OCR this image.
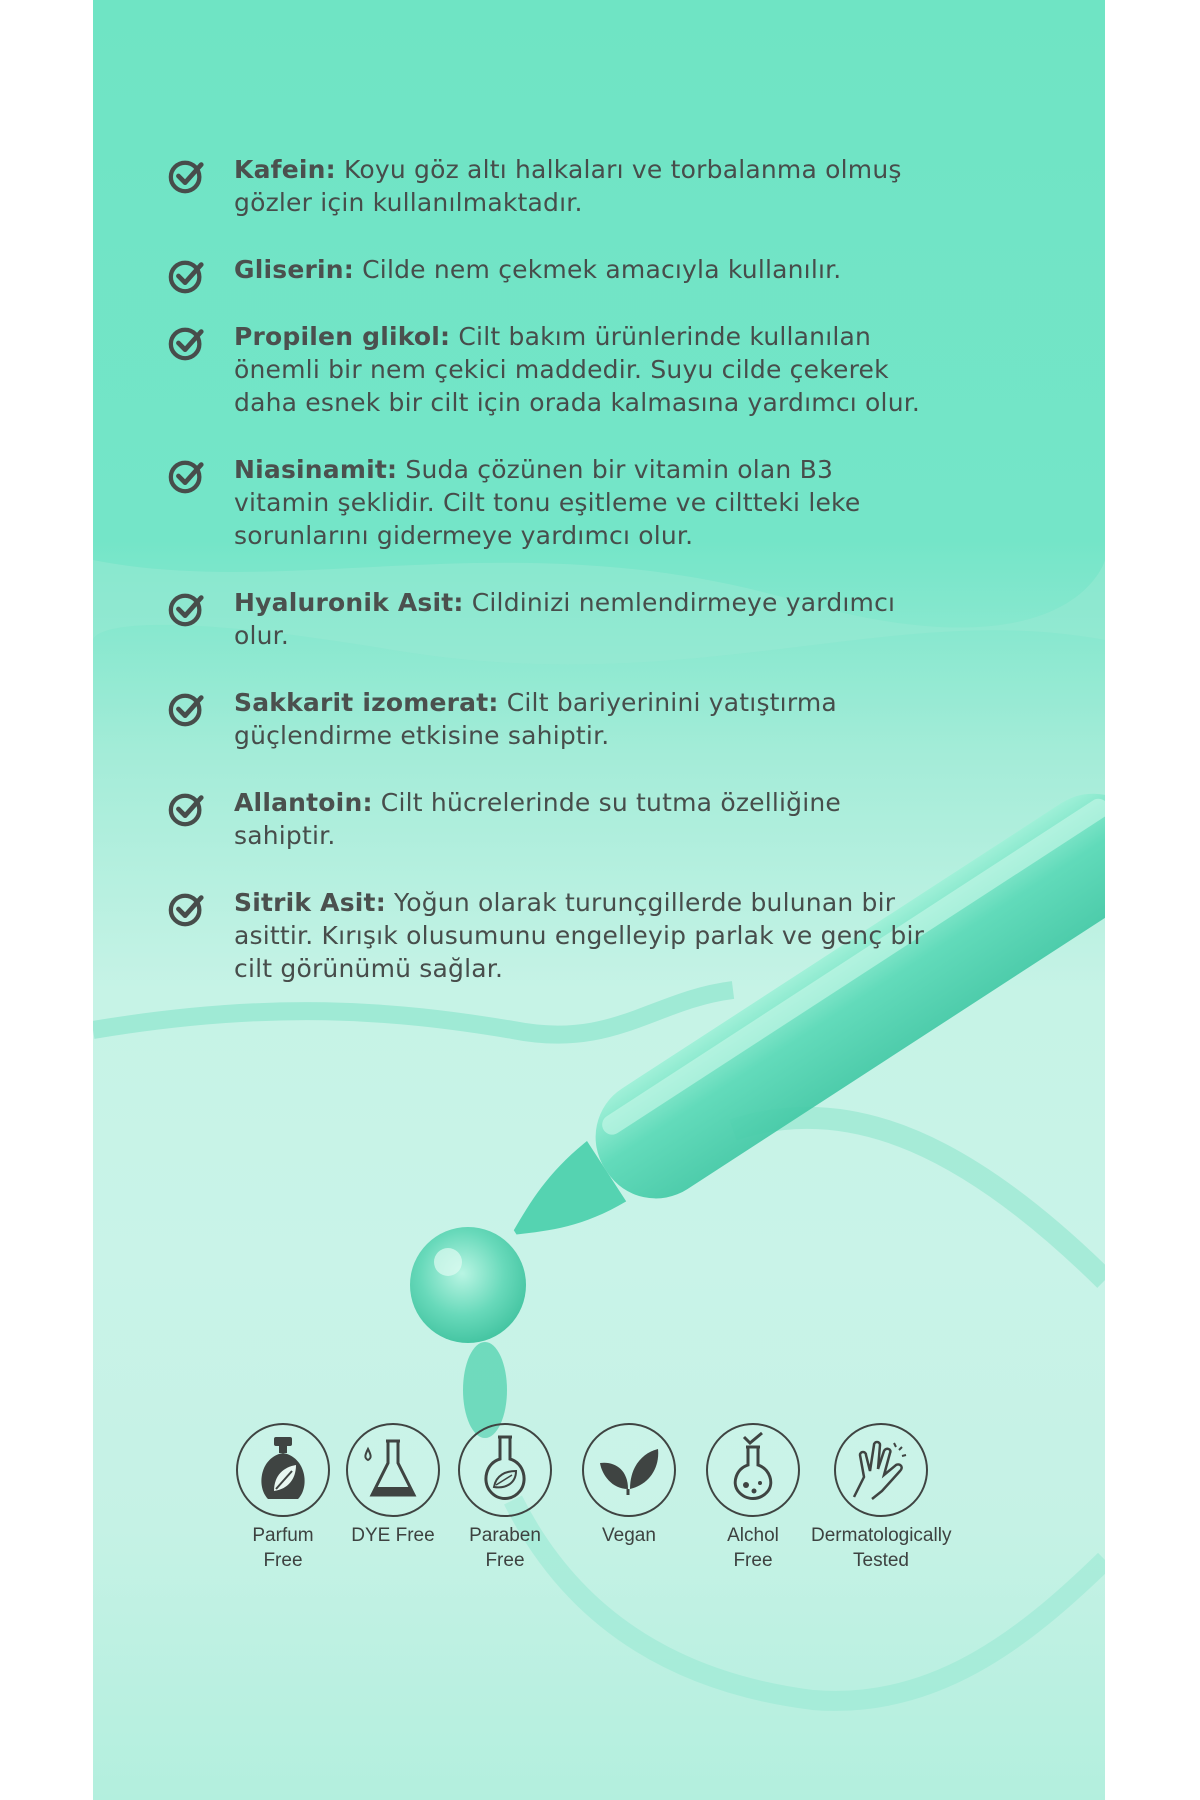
Kafein: Koyu göz altı halkaları ve torbalanma olmuş gözler için kullanılmaktadır.
Gliserin: Cilde nem çekmek amacıyla kullanılır.
Propilen glikol: Cilt bakım ürünlerinde kullanılan önemli bir nem çekici maddedir. Suyu cilde çekerek daha esnek bir cilt için orada kalmasına yardımcı olur.
Niasinamit: Suda çözünen bir vitamin olan B3 vitamin şeklidir. Cilt tonu eşitleme ve ciltteki leke sorunlarını gidermeye yardımcı olur.
Hyaluronik Asit: Cildinizi nemlendirmeye yardımcı olur.
Sakkarit izomerat: Cilt bariyerinini yatıştırma güçlendirme etkisine sahiptir.
Allantoin: Cilt hücrelerinde su tutma özelliğine sahiptir.
Sitrik Asit: Yoğun olarak turunçgillerde bulunan bir asittir. Kırışık olusumunu engelleyip parlak ve genç bir cilt görünümü sağlar.
Parfum
Free
DYE Free	Paraben
Free
Vegan	Alchol
Free
Dermatologically
Tested
